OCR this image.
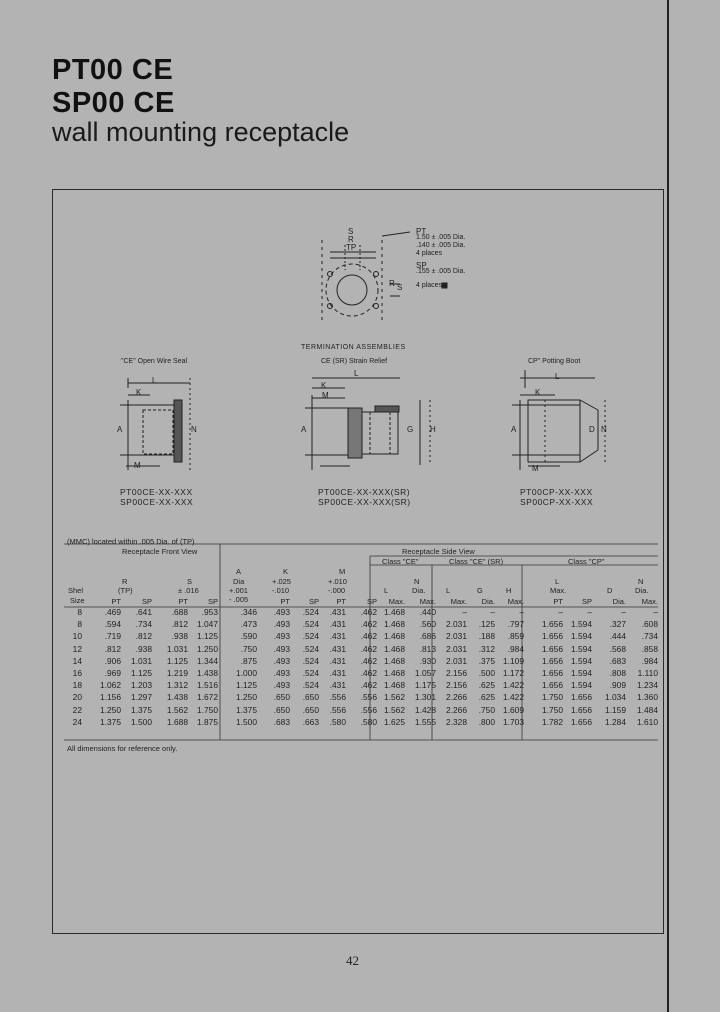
PT00 CE
SP00 CE
wall mounting receptacle
S
R
TP
PT
1.50 ± .005 Dia.
.140 ± .005 Dia.
4 places
SP
.155 ± .005 Dia.
4 places
R S
TERMINATION ASSEMBLIES
"CE" Open Wire Seal	CE (SR) Strain Relief	CP" Potting Boot
L
K
A	N
M
L
K
M
A	G H
L
K
A	D N
M
PT00CE-XX-XXX
SP00CE-XX-XXX
PT00CE-XX-XXX(SR)
SP00CE-XX-XXX(SR)
PT00CP-XX-XXX
SP00CP-XX-XXX
(MMC) located within .005 Dia. of (TP)
Receptacle Front View	Receptacle Side View
Class "CE"	Class "CE" (SR)	Class "CP"
R
(TP)
S
± .016
A
Dia
+.001
- .005
K
+.025
-.010
M
+.010
-.000	L
N
Dia.	L	G	H
L
Max.	D
N
Dia.
Shel
Size	PT	SP	PT	SP	PT	SP	PT	SP	Max.	Max.	Max.	Dia.	Max.	PT	SP	Dia.	Max.
8	.469	.641	.688	.953	.346	.493	.524	.431	.462 1.468	.440	–	–	–	–	–	–	–
8	.594	.734	.812	1.047	.473	.493	.524	.431	.462 1.468	.560	2.031	.125	.797	1.656 1.594	.327	.608
10	.719	.812	.938	1.125	.590	.493	.524	.431	.462 1.468	.686	2.031	.188	.859	1.656 1.594	.444	.734
12	.812	.938	1.031	1.250	.750	.493	.524	.431	.462 1.468	.813	2.031	.312	.984	1.656 1.594	.568	.858
14	.906	1.031	1.125	1.344	.875	.493	.524	.431	.462 1.468	.930	2.031	.375 1.109	1.656 1.594	.683	.984
16	.969	1.125	1.219	1.438	1.000	.493	.524	.431	.462 1.468	1.057	2.156	.500 1.172	1.656 1.594	.808	1.110
18	1.062	1.203	1.312	1.516	1.125	.493	.524	.431	.462 1.468	1.175	2.156	.625 1.422	1.656 1.594	.909	1.234
20	1.156	1.297	1.438	1.672	1.250	.650	.650	.556	.556 1.562	1.301	2.266	.625 1.422	1.750 1.656	1.034	1.360
22	1.250	1.375	1.562	1.750	1.375	.650	.650	.556	.556 1.562	1.428	2.266	.750 1.609	1.750 1.656	1.159	1.484
24	1.375	1.500	1.688	1.875	1.500	.683	.663	.580	.580 1.625	1.555	2.328	.800 1.703	1.782 1.656	1.284	1.610
All dimensions for reference only.
42
